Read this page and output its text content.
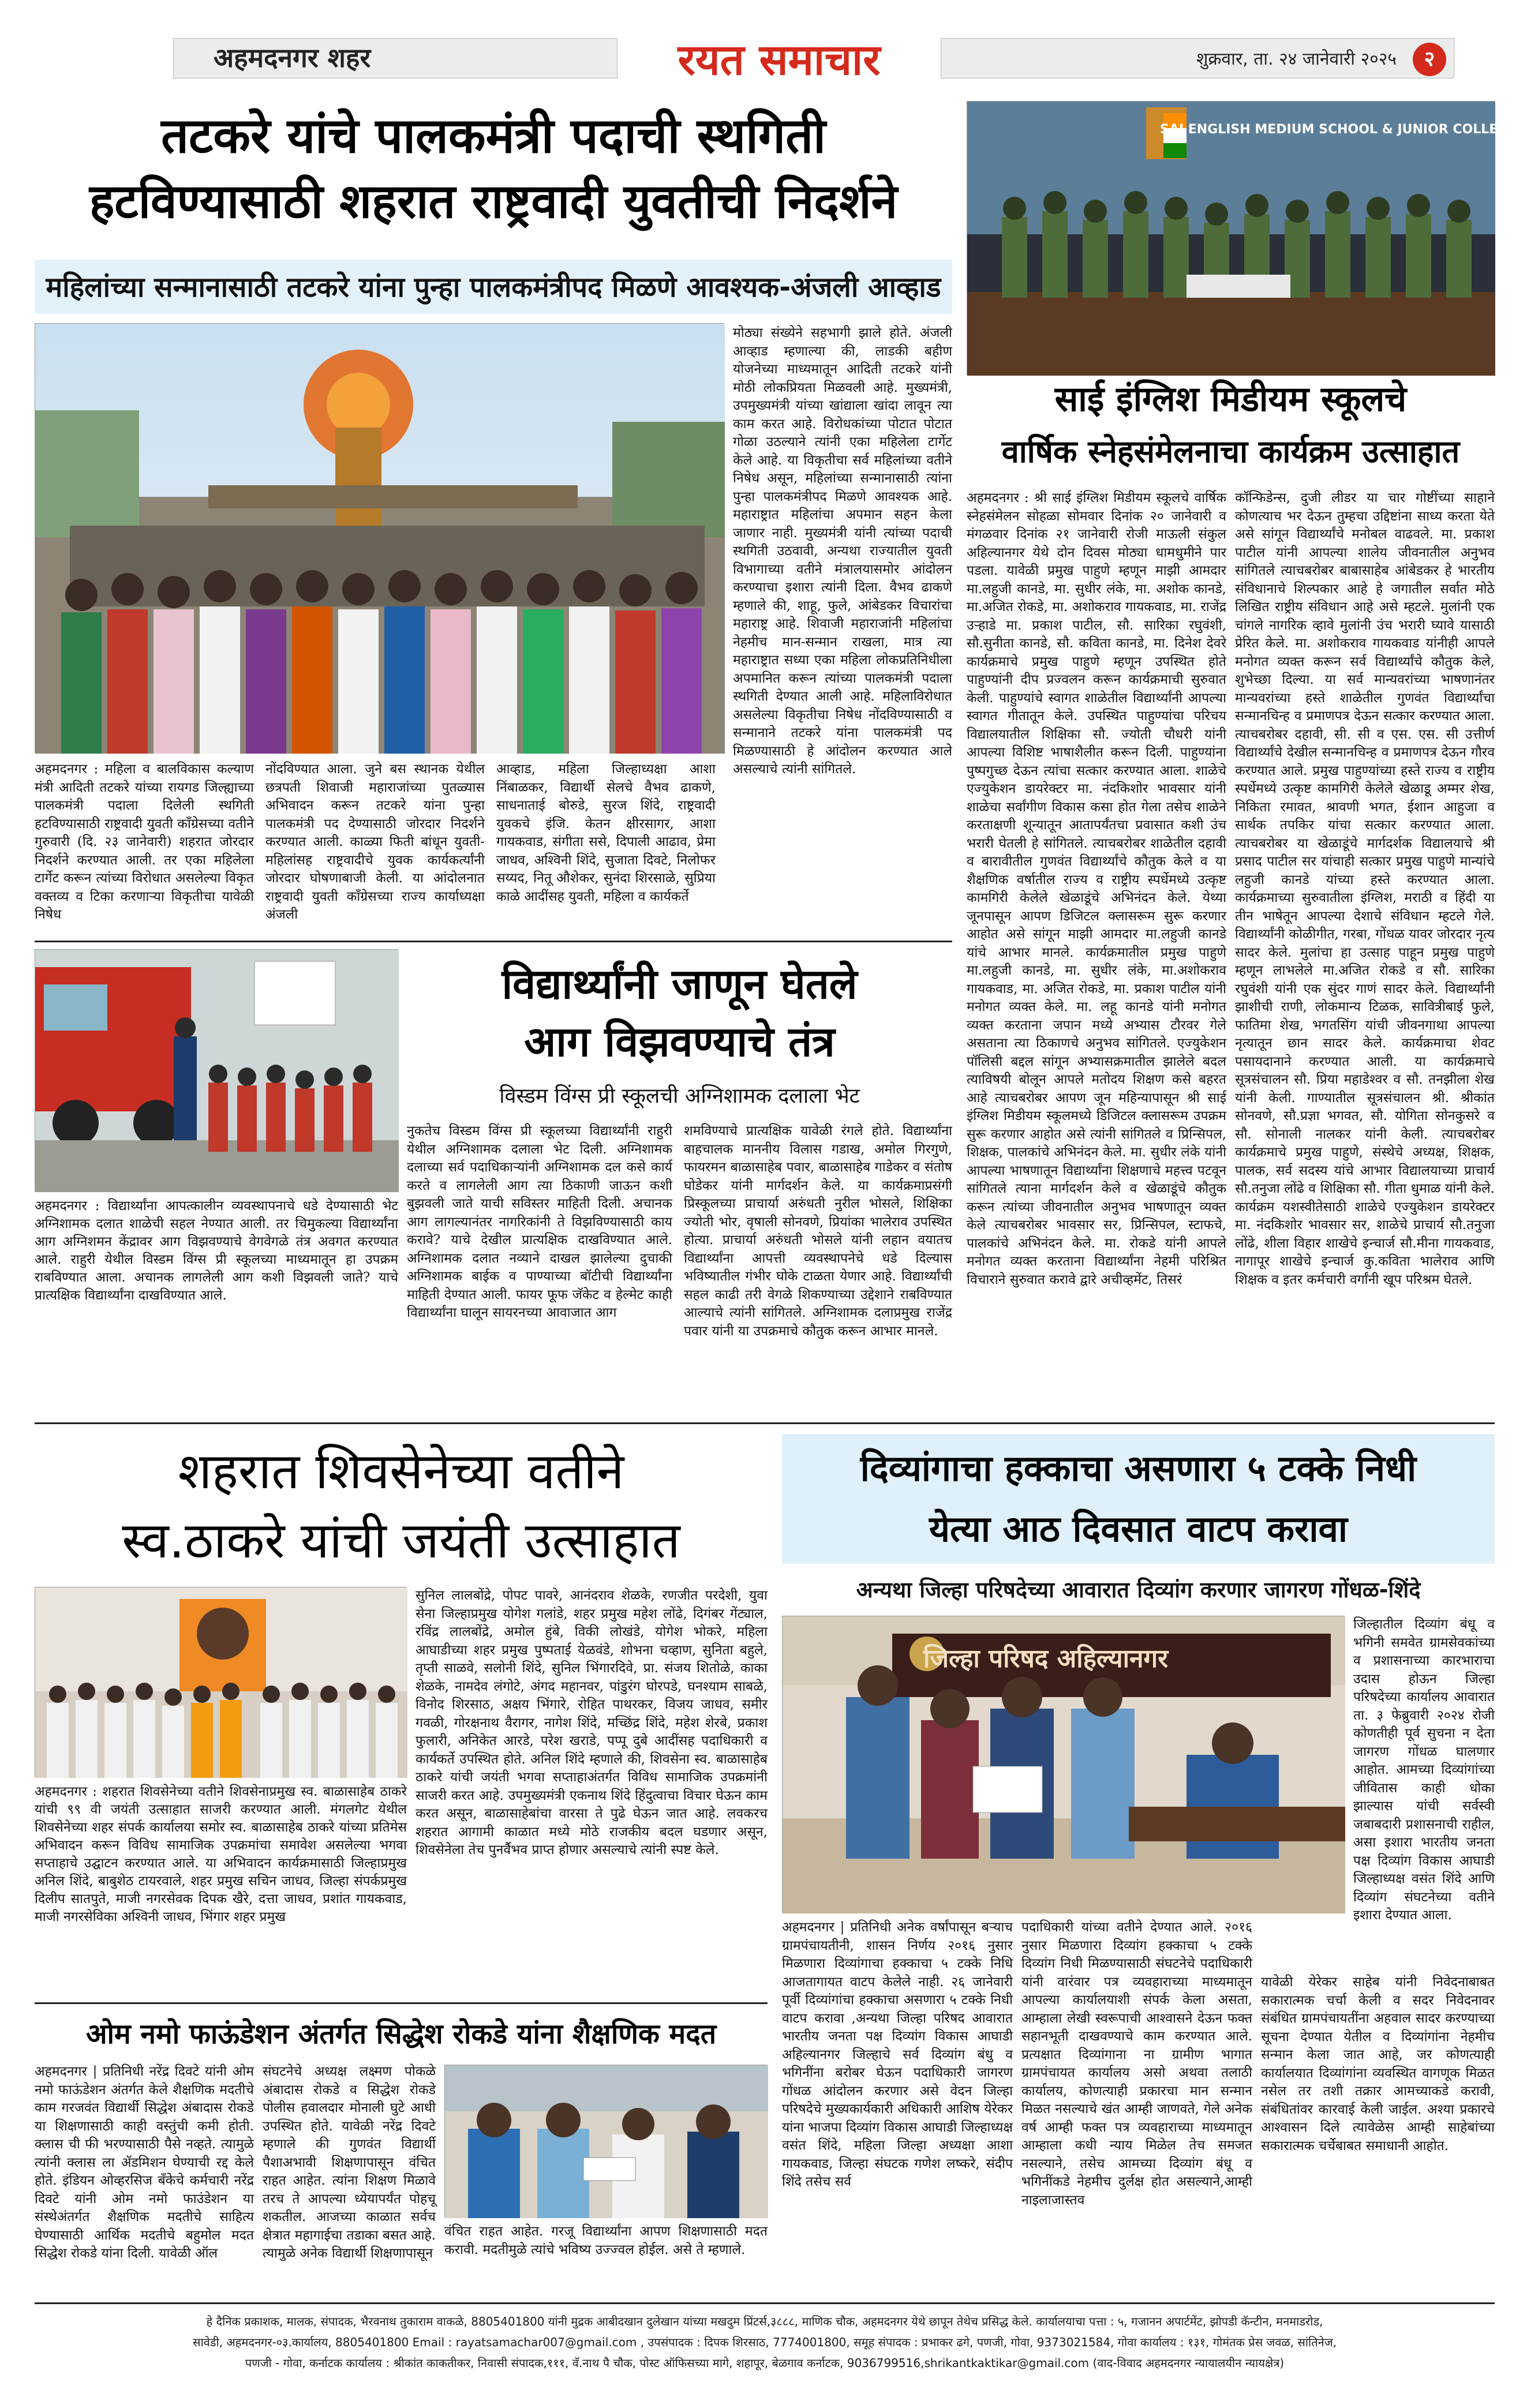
अहमदनगर शहर	रयत समाचार	शुक्रवार, ता. २४ जानेवारी २०२५	२
तटकरे यांचे पालकमंत्री पदाची स्थगिती
हटविण्यासाठी शहरात राष्ट्रवादी युवतीची निदर्शने
महिलांच्या सन्मानासाठी तटकरे यांना पुन्हा पालकमंत्रीपद मिळणे आवश्यक-अंजली आव्हाड
मोठ्या संख्येने सहभागी झाले होते. अंजली आव्हाड म्हणाल्या की, लाडकी बहीण योजनेच्या माध्यमातून आदिती तटकरे यांनी मोठी लोकप्रियता मिळवली आहे. मुख्यमंत्री, उपमुख्यमंत्री यांच्या खांद्याला खांदा लावून त्या काम करत आहे. विरोधकांच्या पोटात पोटात गोळा उठल्याने त्यांनी एका महिलेला टार्गेट केले आहे. या विकृतीचा सर्व महिलांच्या वतीने निषेध असून, महिलांच्या सन्मानासाठी त्यांना पुन्हा पालकमंत्रीपद मिळणे आवश्यक आहे. महाराष्ट्रात महिलांचा अपमान सहन केला जाणार नाही. मुख्यमंत्री यांनी त्यांच्या पदाची स्थगिती उठवावी, अन्यथा राज्यातील युवती विभागाच्या वतीने मंत्रालयासमोर आंदोलन करण्याचा इशारा त्यांनी दिला. वैभव ढाकणे म्हणाले की, शाहू, फुले, आंबेडकर विचारांचा महाराष्ट्र आहे. शिवाजी महाराजांनी महिलांचा नेहमीच मान-सन्मान राखला, मात्र त्या महाराष्ट्रात सध्या एका महिला लोकप्रतिनिधीला अपमानित करून त्यांच्या पालकमंत्री पदाला स्थगिती देण्यात आली आहे. महिलाविरोधात असलेल्या विकृतीचा निषेध नोंदविण्यासाठी व सन्मानाने तटकरे यांना पालकमंत्री पद मिळण्यासाठी हे आंदोलन करण्यात आले असल्याचे त्यांनी सांगितले.
अहमदनगर : महिला व बालविकास कल्याण मंत्री आदिती तटकरे यांच्या रायगड जिल्ह्याच्या पालकमंत्री पदाला दिलेली स्थगिती हटविण्यासाठी राष्ट्रवादी युवती काँग्रेसच्या वतीने गुरुवारी (दि. २३ जानेवारी) शहरात जोरदार निदर्शने करण्यात आली. तर एका महिलेला टार्गेट करून त्यांच्या विरोधात असलेल्या विकृत वक्तव्य व टिका करणाऱ्या विकृतीचा यावेळी निषेध
नोंदविण्यात आला. जुने बस स्थानक येथील छत्रपती शिवाजी महाराजांच्या पुतळ्यास अभिवादन करून तटकरे यांना पुन्हा पालकमंत्री पद देण्यासाठी जोरदार निदर्शने करण्यात आली. काळ्या फिती बांधून युवती-महिलांसह राष्ट्रवादीचे युवक कार्यकर्त्यांनी जोरदार घोषणाबाजी केली. या आंदोलनात राष्ट्रवादी युवती काँग्रेसच्या राज्य कार्याध्यक्षा अंजली
आव्हाड, महिला जिल्हाध्यक्षा आशा निंबाळकर, विद्यार्थी सेलचे वैभव ढाकणे, साधनाताई बोरुडे, सुरज शिंदे, राष्ट्रवादी युवकचे इंजि. केतन क्षीरसागर, आशा गायकवाड, संगीता ससे, दिपाली आढाव, प्रेमा जाधव, अश्विनी शिंदे, सुजाता दिवटे, निलोफर सय्यद, नितू औशेकर, सुनंदा शिरसाळे, सुप्रिया काळे आदींसह युवती, महिला व कार्यकर्ते
SAI ENGLISH MEDIUM SCHOOL & JUNIOR COLLEGE
साई इंग्लिश मिडीयम स्कूलचे
वार्षिक स्नेहसंमेलनाचा कार्यक्रम उत्साहात
अहमदनगर : श्री साई इंग्लिश मिडीयम स्कूलचे वार्षिक स्नेहसंमेलन सोहळा सोमवार दिनांक २० जानेवारी व मंगळवार दिनांक २१ जानेवारी रोजी माऊली संकुल अहिल्यानगर येथे दोन दिवस मोठ्या धामधुमीने पार पडला. यावेळी प्रमुख पाहुणे म्हणून माझी आमदार मा.लहुजी कानडे, मा. सुधीर लंके, मा. अशोक कानडे, मा.अजित रोकडे, मा. अशोकराव गायकवाड, मा. राजेंद्र उऱ्हाडे मा. प्रकाश पाटील, सौ. सारिका रघुवंशी, सौ.सुनीता कानडे, सौ. कविता कानडे, मा. दिनेश देवरे कार्यक्रमाचे प्रमुख पाहुणे म्हणून उपस्थित होते पाहुण्यांनी दीप प्रज्वलन करून कार्यक्रमाची सुरुवात केली. पाहुण्यांचे स्वागत शाळेतील विद्यार्थ्यांनी आपल्या स्वागत गीतातून केले. उपस्थित पाहुण्यांचा परिचय विद्यालयातील शिक्षिका सौ. ज्योती चौधरी यांनी आपल्या विशिष्ट भाषाशैलीत करून दिली. पाहुण्यांना पुष्पगुच्छ देऊन त्यांचा सत्कार करण्यात आला. शाळेचे एज्युकेशन डायरेक्टर मा. नंदकिशोर भावसार यांनी शाळेचा सर्वांगीण विकास कसा होत गेला तसेच शाळेने करताक्षणी शून्यातून आतापर्यंतचा प्रवासात कशी उंच भरारी घेतली हे सांगितले. त्याचबरोबर शाळेतील दहावी व बारावीतील गुणवंत विद्यार्थ्यांचे कौतुक केले व या शैक्षणिक वर्षातील राज्य व राष्ट्रीय स्पर्धेमध्ये उत्कृष्ट कामगिरी केलेले खेळाडूंचे अभिनंदन केले. येथ्या जूनपासून आपण डिजिटल क्लासरूम सुरू करणार आहोत असे सांगून माझी आमदार मा.लहुजी कानडे यांचे आभार मानले. कार्यक्रमातील प्रमुख पाहुणे मा.लहुजी कानडे, मा. सुधीर लंके, मा.अशोकराव गायकवाड, मा. अजित रोकडे, मा. प्रकाश पाटील यांनी मनोगत व्यक्त केले. मा. लहू कानडे यांनी मनोगत व्यक्त करताना जपान मध्ये अभ्यास टौरवर गेले असताना त्या ठिकाणचे अनुभव सांगितले. एज्युकेशन पॉलिसी बद्दल सांगून अभ्यासक्रमातील झालेले बदल त्याविषयी बोलून आपले मतोदय शिक्षण कसे बहरत आहे त्याचबरोबर आपण जून महिन्यापासून श्री साई इंग्लिश मिडीयम स्कूलमध्ये डिजिटल क्लासरूम उपक्रम सुरू करणार आहोत असे त्यांनी सांगितले व प्रिन्सिपल, शिक्षक, पालकांचे अभिनंदन केले. मा. सुधीर लंके यांनी आपल्या भाषणातून विद्यार्थ्यांना शिक्षणाचे महत्त्व पटवून सांगितले त्याना मार्गदर्शन केले व खेळाडूंचे कौतुक करून त्यांच्या जीवनातील अनुभव भाषणातून व्यक्त केले त्याचबरोबर भावसार सर, प्रिन्सिपल, स्टाफचे, पालकांचे अभिनंदन केले. मा. रोकडे यांनी आपले मनोगत व्यक्त करताना विद्यार्थ्यांना नेहमी परिश्रित विचाराने सुरुवात करावे द्वारे अचीव्हमेंट, तिसरं
कॉन्फिडेन्स, दुजी लीडर या चार गोष्टींच्या साहाने कोणत्याच भर देऊन तुम्हचा उद्दिष्टांना साध्य करता येते असे सांगून विद्यार्थ्यांचे मनोबल वाढवले. मा. प्रकाश पाटील यांनी आपल्या शालेय जीवनातील अनुभव सांगितले त्याचबरोबर बाबासाहेब आंबेडकर हे भारतीय संविधानाचे शिल्पकार आहे हे जगातील सर्वात मोठे लिखित राष्ट्रीय संविधान आहे असे म्हटले. मुलांनी एक चांगले नागरिक व्हावे मुलांनी उंच भरारी घ्यावे यासाठी प्रेरित केले. मा. अशोकराव गायकवाड यांनीही आपले मनोगत व्यक्त करून सर्व विद्यार्थ्यांचे कौतुक केले, शुभेच्छा दिल्या. या सर्व मान्यवरांच्या भाषणानंतर मान्यवरांच्या हस्ते शाळेतील गुणवंत विद्यार्थ्यांचा सन्मानचिन्ह व प्रमाणपत्र देऊन सत्कार करण्यात आला. त्याचबरोबर दहावी, सी. सी व एस. एस. सी उत्तीर्ण विद्यार्थ्यांचे देखील सन्मानचिन्ह व प्रमाणपत्र देऊन गौरव करण्यात आले. प्रमुख पाहुण्यांच्या हस्ते राज्य व राष्ट्रीय स्पर्धेमध्ये उत्कृष्ट कामगिरी केलेले खेळाडू अम्मर शेख, निकिता रमावत, श्रावणी भगत, ईशान आहुजा व सार्थक तपकिर यांचा सत्कार करण्यात आला. त्याचबरोबर या खेळाडूंचे मार्गदर्शक विद्यालयाचे श्री प्रसाद पाटील सर यांचाही सत्कार प्रमुख पाहुणे मान्यांचे लहुजी कानडे यांच्या हस्ते करण्यात आला. कार्यक्रमाच्या सुरुवातीला इंग्लिश, मराठी व हिंदी या तीन भाषेतून आपल्या देशाचे संविधान म्हटले गेले. विद्यार्थ्यांनी कोळीगीत, गरबा, गोंधळ यावर जोरदार नृत्य सादर केले. मुलांचा हा उत्साह पाहून प्रमुख पाहुणे म्हणून लाभलेले मा.अजित रोकडे व सौ. सारिका रघुवंशी यांनी एक सुंदर गाणं सादर केले. विद्यार्थ्यांनी झाशीची राणी, लोकमान्य टिळक, सावित्रीबाई फुले, फातिमा शेख, भगतसिंग यांची जीवनगाथा आपल्या नृत्यातून छान सादर केले. कार्यक्रमाचा शेवट पसायदानाने करण्यात आली. या कार्यक्रमाचे सूत्रसंचालन सौ. प्रिया महाडेश्वर व सौ. तनझीला शेख यांनी केली. गाण्यातील सूत्रसंचालन श्री. श्रीकांत सोनवणे, सौ.प्रज्ञा भगवत, सौ. योगिता सोनकुसरे व सौ. सोनाली नालकर यांनी केली. त्याचबरोबर कार्यक्रमाचे प्रमुख पाहुणे, संस्थेचे अध्यक्ष, शिक्षक, पालक, सर्व सदस्य यांचे आभार विद्यालयाच्या प्राचार्य सौ.तनुजा लोंढे व शिक्षिका सौ. गीता धुमाळ यांनी केले. कार्यक्रम यशस्वीतेसाठी शाळेचे एज्युकेशन डायरेक्टर मा. नंदकिशोर भावसार सर, शाळेचे प्राचार्य सौ.तनुजा लोंढे, शीला विहार शाखेचे इन्चार्ज सौ.मीना गायकवाड, नागापूर शाखेचे इन्चार्ज कु.कविता भालेराव आणि शिक्षक व इतर कर्मचारी वर्गांनी खूप परिश्रम घेतले.
विद्यार्थ्यांनी जाणून घेतले
आग विझवण्याचे तंत्र
विस्डम विंग्स प्री स्कूलची अग्निशामक दलाला भेट
अहमदनगर : विद्यार्थ्यांना आपत्कालीन व्यवस्थापनाचे धडे देण्यासाठी भेट अग्निशामक दलात शाळेची सहल नेण्यात आली. तर चिमुकल्या विद्यार्थ्यांना आग अग्निशमन केंद्रावर आग विझवण्याचे वेगवेगळे तंत्र अवगत करण्यात आले. राहुरी येथील विस्डम विंग्स प्री स्कूलच्या माध्यमातून हा उपक्रम राबविण्यात आला. अचानक लागलेली आग कशी विझवली जाते? याचे प्रात्यक्षिक विद्यार्थ्यांना दाखविण्यात आले.
नुकतेच विस्डम विंग्स प्री स्कूलच्या विद्यार्थ्यांनी राहुरी येथील अग्निशामक दलाला भेट दिली. अग्निशामक दलाच्या सर्व पदाधिकाऱ्यांनी अग्निशामक दल कसे कार्य करते व लागलेली आग त्या ठिकाणी जाऊन कशी बुझवली जाते याची सविस्तर माहिती दिली. अचानक आग लागल्यानंतर नागरिकांनी ते विझविण्यासाठी काय करावे? याचे देखील प्रात्यक्षिक दाखविण्यात आले. अग्निशामक दलात नव्याने दाखल झालेल्या दुचाकी अग्निशामक बाईक व पाण्याच्या बॉटीची विद्यार्थ्यांना माहिती देण्यात आली. फायर फूफ जॅकेट व हेल्मेट काही विद्यार्थ्यांना घालून सायरनच्या आवाजात आग
शमविण्याचे प्रात्यक्षिक यावेळी रंगले होते. विद्यार्थ्यांना बाहचालक माननीय विलास गडाख, अमोल गिरगुणे, फायरमन बाळासाहेब पवार, बाळासाहेब गाडेकर व संतोष घोडेकर यांनी मार्गदर्शन केले. या कार्यक्रमाप्रसंगी प्रिस्कूलच्या प्राचार्या अरुंधती नुरील भोसले, शिक्षिका ज्योती भोर, वृषाली सोनवणे, प्रियांका भालेराव उपस्थित होत्या. प्राचार्या अरुंधती भोसले यांनी लहान वयातच विद्यार्थ्यांना आपत्ती व्यवस्थापनेचे धडे दिल्यास भविष्यातील गंभीर घोके टाळता येणार आहे. विद्यार्थ्यांची सहल काढी तरी वेगळे शिकण्याच्या उद्देशाने राबविण्यात आल्याचे त्यांनी सांगितले. अग्निशामक दलाप्रमुख राजेंद्र पवार यांनी या उपक्रमाचे कौतुक करून आभार मानले.
शहरात शिवसेनेच्या वतीने
स्व.ठाकरे यांची जयंती उत्साहात
अहमदनगर : शहरात शिवसेनेच्या वतीने शिवसेनाप्रमुख स्व. बाळासाहेब ठाकरे यांची ९९ वी जयंती उत्साहात साजरी करण्यात आली. मंगलगेट येथील शिवसेनेच्या शहर संपर्क कार्यालया समोर स्व. बाळासाहेब ठाकरे यांच्या प्रतिमेस अभिवादन करून विविध सामाजिक उपक्रमांचा समावेश असलेल्या भगवा सप्ताहाचे उद्घाटन करण्यात आले. या अभिवादन कार्यक्रमासाठी जिल्हाप्रमुख अनिल शिंदे, बाबुशेठ टायरवाले, शहर प्रमुख सचिन जाधव, जिल्हा संपर्कप्रमुख दिलीप सातपुते, माजी नगरसेवक दिपक खैरे, दत्ता जाधव, प्रशांत गायकवाड, माजी नगरसेविका अश्विनी जाधव, भिंगार शहर प्रमुख
सुनिल लालबोंद्रे, पोपट पावरे, आनंदराव शेळके, रणजीत परदेशी, युवा सेना जिल्हाप्रमुख योगेश गलांडे, शहर प्रमुख महेश लोंढे, दिगंबर गेंट्याल, रविंद्र लालबोंद्रे, अमोल हुंबे, विकी लोखंडे, योगेश भोकरे, महिला आघाडीच्या शहर प्रमुख पुष्पताई येळवंडे, शोभना चव्हाण, सुनिता बहुले, तृप्ती साळवे, सलोनी शिंदे, सुनिल भिंगारदिवे, प्रा. संजय शितोळे, काका शेळके, नामदेव लंगोटे, अंगद महानवर, पांडुरंग घोरपडे, घनश्याम साबळे, विनोद शिरसाठ, अक्षय भिंगारे, रोहित पाथरकर, विजय जाधव, समीर गवळी, गोरक्षनाथ वैरागर, नागेश शिंदे, मच्छिंद्र शिंदे, महेश शेरबे, प्रकाश फुलारी, अनिकेत आरडे, परेश खराडे, पप्पू दुबे आदींसह पदाधिकारी व कार्यकर्ते उपस्थित होते. अनिल शिंदे म्हणाले की, शिवसेना स्व. बाळासाहेब ठाकरे यांची जयंती भगवा सप्ताहाअंतर्गत विविध सामाजिक उपक्रमांनी साजरी करत आहे. उपमुख्यमंत्री एकनाथ शिंदे हिंदुत्वाचा विचार घेऊन काम करत असून, बाळासाहेबांचा वारसा ते पुढे घेऊन जात आहे. लवकरच शहरात आगामी काळात मध्ये मोठे राजकीय बदल घडणार असून, शिवसेनेला तेच पुनर्वैभव प्राप्त होणार असल्याचे त्यांनी स्पष्ट केले.
ओम नमो फाऊंडेशन अंतर्गत सिद्धेश रोकडे यांना शैक्षणिक मदत
अहमदनगर | प्रतिनिधी नरेंद्र दिवटे यांनी ओम नमो फाऊंडेशन अंतर्गत केले शैक्षणिक मदतीचे काम गरजवंत विद्यार्थी सिद्धेश अंबादास रोकडे या शिक्षणासाठी काही वस्तुंची कमी होती. क्लास ची फी भरण्यासाठी पैसे नव्हते. त्यामुळे त्यांनी क्लास ला ॲडमिशन घेण्याची रद्द केले होते. इंडियन ओव्हरसिज बँकेचे कर्मचारी नरेंद्र दिवटे यांनी ओम नमो फाउंडेशन या संस्थेअंतर्गत शैक्षणिक मदतीचे साहित्य घेण्यासाठी आर्थिक मदतीचे बहुमोल मदत सिद्धेश रोकडे यांना दिली. यावेळी ऑल
संघटनेचे अध्यक्ष लक्ष्मण पोकळे अंबादास रोकडे व सिद्धेश रोकडे पोलीस हवालदार मोनाली घुटे आधी उपस्थित होते. यावेळी नरेंद्र दिवटे म्हणाले की गुणवंत विद्यार्थी पैशाअभावी शिक्षणापासून वंचित राहत आहेत. त्यांना शिक्षण मिळावे तरच ते आपल्या ध्येयापर्यंत पोहचू शकतील. आजच्या काळात सर्वच क्षेत्रात महागाईचा तडाका बसत आहे. त्यामुळे अनेक विद्यार्थी शिक्षणापासून
वंचित राहत आहेत. गरजू विद्यार्थ्यांना आपण शिक्षणासाठी मदत करावी. मदतीमुळे त्यांचे भविष्य उज्ज्वल होईल. असे ते म्हणाले.
दिव्यांगाचा हक्काचा असणारा ५ टक्के निधी
येत्या आठ दिवसात वाटप करावा
अन्यथा जिल्हा परिषदेच्या आवारात दिव्यांग करणार जागरण गोंधळ-शिंदे
जिल्हा परिषद अहिल्यानगर
जिल्हातील दिव्यांग बंधू व भगिनी समवेत ग्रामसेवकांच्या व प्रशासनाच्या कारभाराचा उदास होऊन जिल्हा परिषदेच्या कार्यालय आवारात ता. ३ फेब्रुवारी २०२४ रोजी कोणतीही पूर्व सुचना न देता जागरण गोंधळ घालणार आहोत. आमच्या दिव्यांगांच्या जीवितास काही धोका झाल्यास यांची सर्वस्वी जबाबदारी प्रशासनाची राहील, असा इशारा भारतीय जनता पक्ष दिव्यांग विकास आघाडी जिल्हाध्यक्ष वसंत शिंदे आणि दिव्यांग संघटनेच्या वतीने इशारा देण्यात आला.
अहमदनगर | प्रतिनिधी अनेक वर्षांपासून बऱ्याच ग्रामपंचायतीनी, शासन निर्णय २०१६ नुसार मिळणारा दिव्यांगाचा हक्काचा ५ टक्के निधि आजतागायत वाटप केलेले नाही. २६ जानेवारी पूर्वी दिव्यांगांचा हक्काचा असणारा ५ टक्के निधी वाटप करावा ,अन्यथा जिल्हा परिषद आवारात भारतीय जनता पक्ष दिव्यांग विकास आघाडी अहिल्यानगर जिल्हाचे सर्व दिव्यांग बंधु व भगिनींना बरोबर घेऊन पदाधिकारी जागरण गोंधळ आंदोलन करणार असे वेदन जिल्हा परिषदेचे मुख्यकार्यकारी अधिकारी आशिष येरेकर यांना भाजपा दिव्यांग विकास आघाडी जिल्हाध्यक्ष वसंत शिंदे, महिला जिल्हा अध्यक्षा आशा गायकवाड, जिल्हा संघटक गणेश लष्करे, संदीप शिंदे तसेच सर्व
पदाधिकारी यांच्या वतीने देण्यात आले. २०१६ नुसार मिळणारा दिव्यांग हक्काचा ५ टक्के दिव्यांग निधी मिळण्यासाठी संघटनेचे पदाधिकारी यांनी वारंवार पत्र व्यवहाराच्या माध्यमातून आपल्या कार्यालयाशी संपर्क केला असता, आम्हाला लेखी स्वरूपाची आश्वासने देऊन फक्त सहानभूती दाखवण्याचे काम करण्यात आले. प्रत्यक्षात दिव्यांगाना ना ग्रामीण भागात ग्रामपंचायत कार्यालय असो अथवा तलाठी कार्यालय, कोणत्याही प्रकारचा मान सन्मान मिळत नसल्याचे खंत आम्ही जाणवते, गेले अनेक वर्ष आम्ही फक्त पत्र व्यवहाराच्या माध्यमातून आम्हाला कधी न्याय मिळेल तेच समजत नसल्याने, तसेच आमच्या दिव्यांग बंधू व भगिनींकडे नेहमीच दुर्लक्ष होत असल्याने,आम्ही नाइलाजास्तव
यावेळी येरेकर साहेब यांनी निवेदनाबाबत सकारात्मक चर्चा केली व सदर निवेदनावर संबंधित ग्रामपंचायतींना अहवाल सादर करण्याच्या सूचना देण्यात येतील व दिव्यांगांना नेहमीच सन्मान केला जात आहे, जर कोणत्याही कार्यालयात दिव्यांगांना व्यवस्थित वागणूक मिळत नसेल तर तशी तक्रार आमच्याकडे करावी, संबंधितांवर कारवाई केली जाईल. अश्या प्रकारचे आश्वासन दिले त्यावेळेस आम्ही साहेबांच्या सकारात्मक चर्चेबाबत समाधानी आहोत.
हे दैनिक प्रकाशक, मालक, संपादक, भैरवनाथ तुकाराम वाकळे, 8805401800 यांनी मुद्रक आबीदखान दुलेखान यांच्या मखदुम प्रिंटर्स,३८८८, माणिक चौक, अहमदनगर येथे छापून तेथेच प्रसिद्ध केले. कार्यालयाचा पत्ता : ५, गजानन अपार्टमेंट, झोपडी कॅन्टीन, मनमाडरोड,
सावेडी, अहमदनगर-०३.कार्यालय, 8805401800 Email : rayatsamachar007@gmail.com , उपसंपादक : दिपक शिरसाठ, 7774001800, समूह संपादक : प्रभाकर ढगे, पणजी, गोवा, 9373021584, गोवा कार्यालय : १३१, गोमंतक प्रेस जवळ, सांतिनेज,
पणजी - गोवा, कर्नाटक कार्यालय : श्रीकांत काकतीकर, निवासी संपादक,१११, वॅ.नाथ पै चौक, पोस्ट ऑफिसच्या मागे, शहापूर, बेळगाव कर्नाटक, 9036799516,shrikantkaktikar@gmail.com (वाद-विवाद अहमदनगर न्यायालयीन न्यायक्षेत्र)
